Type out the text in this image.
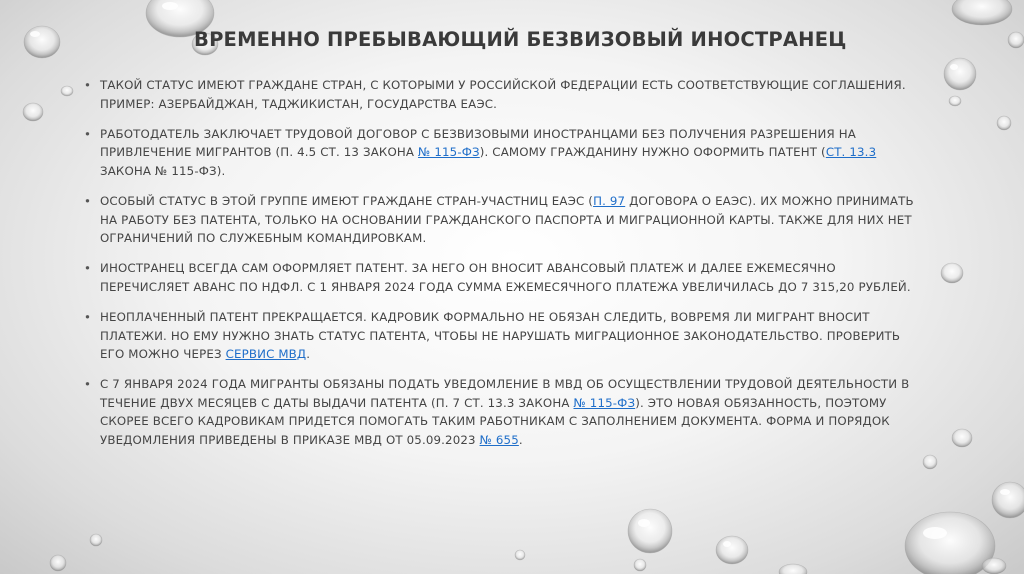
ВРЕМЕННО ПРЕБЫВАЮЩИЙ БЕЗВИЗОВЫЙ ИНОСТРАНЕЦ
• ТАКОЙ СТАТУС ИМЕЮТ ГРАЖДАНЕ СТРАН, С КОТОРЫМИ У РОССИЙСКОЙ ФЕДЕРАЦИИ ЕСТЬ СООТВЕТСТВУЮЩИЕ СОГЛАШЕНИЯ. ПРИМЕР: АЗЕРБАЙДЖАН, ТАДЖИКИСТАН, ГОСУДАРСТВА ЕАЭС.
• РАБОТОДАТЕЛЬ ЗАКЛЮЧАЕТ ТРУДОВОЙ ДОГОВОР С БЕЗВИЗОВЫМИ ИНОСТРАНЦАМИ БЕЗ ПОЛУЧЕНИЯ РАЗРЕШЕНИЯ НА ПРИВЛЕЧЕНИЕ МИГРАНТОВ (П. 4.5 СТ. 13 ЗАКОНА № 115-ФЗ). САМОМУ ГРАЖДАНИНУ НУЖНО ОФОРМИТЬ ПАТЕНТ (СТ. 13.3 ЗАКОНА № 115-ФЗ).
• ОСОБЫЙ СТАТУС В ЭТОЙ ГРУППЕ ИМЕЮТ ГРАЖДАНЕ СТРАН-УЧАСТНИЦ ЕАЭС (П. 97 ДОГОВОРА О ЕАЭС). ИХ МОЖНО ПРИНИМАТЬ НА РАБОТУ БЕЗ ПАТЕНТА, ТОЛЬКО НА ОСНОВАНИИ ГРАЖДАНСКОГО ПАСПОРТА И МИГРАЦИОННОЙ КАРТЫ. ТАКЖЕ ДЛЯ НИХ НЕТ ОГРАНИЧЕНИЙ ПО СЛУЖЕБНЫМ КОМАНДИРОВКАМ.
• ИНОСТРАНЕЦ ВСЕГДА САМ ОФОРМЛЯЕТ ПАТЕНТ. ЗА НЕГО ОН ВНОСИТ АВАНСОВЫЙ ПЛАТЕЖ И ДАЛЕЕ ЕЖЕМЕСЯЧНО ПЕРЕЧИСЛЯЕТ АВАНС ПО НДФЛ. С 1 ЯНВАРЯ 2024 ГОДА СУММА ЕЖЕМЕСЯЧНОГО ПЛАТЕЖА УВЕЛИЧИЛАСЬ ДО 7 315,20 РУБЛЕЙ.
• НЕОПЛАЧЕННЫЙ ПАТЕНТ ПРЕКРАЩАЕТСЯ. КАДРОВИК ФОРМАЛЬНО НЕ ОБЯЗАН СЛЕДИТЬ, ВОВРЕМЯ ЛИ МИГРАНТ ВНОСИТ ПЛАТЕЖИ. НО ЕМУ НУЖНО ЗНАТЬ СТАТУС ПАТЕНТА, ЧТОБЫ НЕ НАРУШАТЬ МИГРАЦИОННОЕ ЗАКОНОДАТЕЛЬСТВО. ПРОВЕРИТЬ ЕГО МОЖНО ЧЕРЕЗ СЕРВИС МВД.
• С 7 ЯНВАРЯ 2024 ГОДА МИГРАНТЫ ОБЯЗАНЫ ПОДАТЬ УВЕДОМЛЕНИЕ В МВД ОБ ОСУЩЕСТВЛЕНИИ ТРУДОВОЙ ДЕЯТЕЛЬНОСТИ В ТЕЧЕНИЕ ДВУХ МЕСЯЦЕВ С ДАТЫ ВЫДАЧИ ПАТЕНТА (П. 7 СТ. 13.3 ЗАКОНА № 115-ФЗ). ЭТО НОВАЯ ОБЯЗАННОСТЬ, ПОЭТОМУ СКОРЕЕ ВСЕГО КАДРОВИКАМ ПРИДЕТСЯ ПОМОГАТЬ ТАКИМ РАБОТНИКАМ С ЗАПОЛНЕНИЕМ ДОКУМЕНТА. ФОРМА И ПОРЯДОК УВЕДОМЛЕНИЯ ПРИВЕДЕНЫ В ПРИКАЗЕ МВД ОТ 05.09.2023 № 655.
